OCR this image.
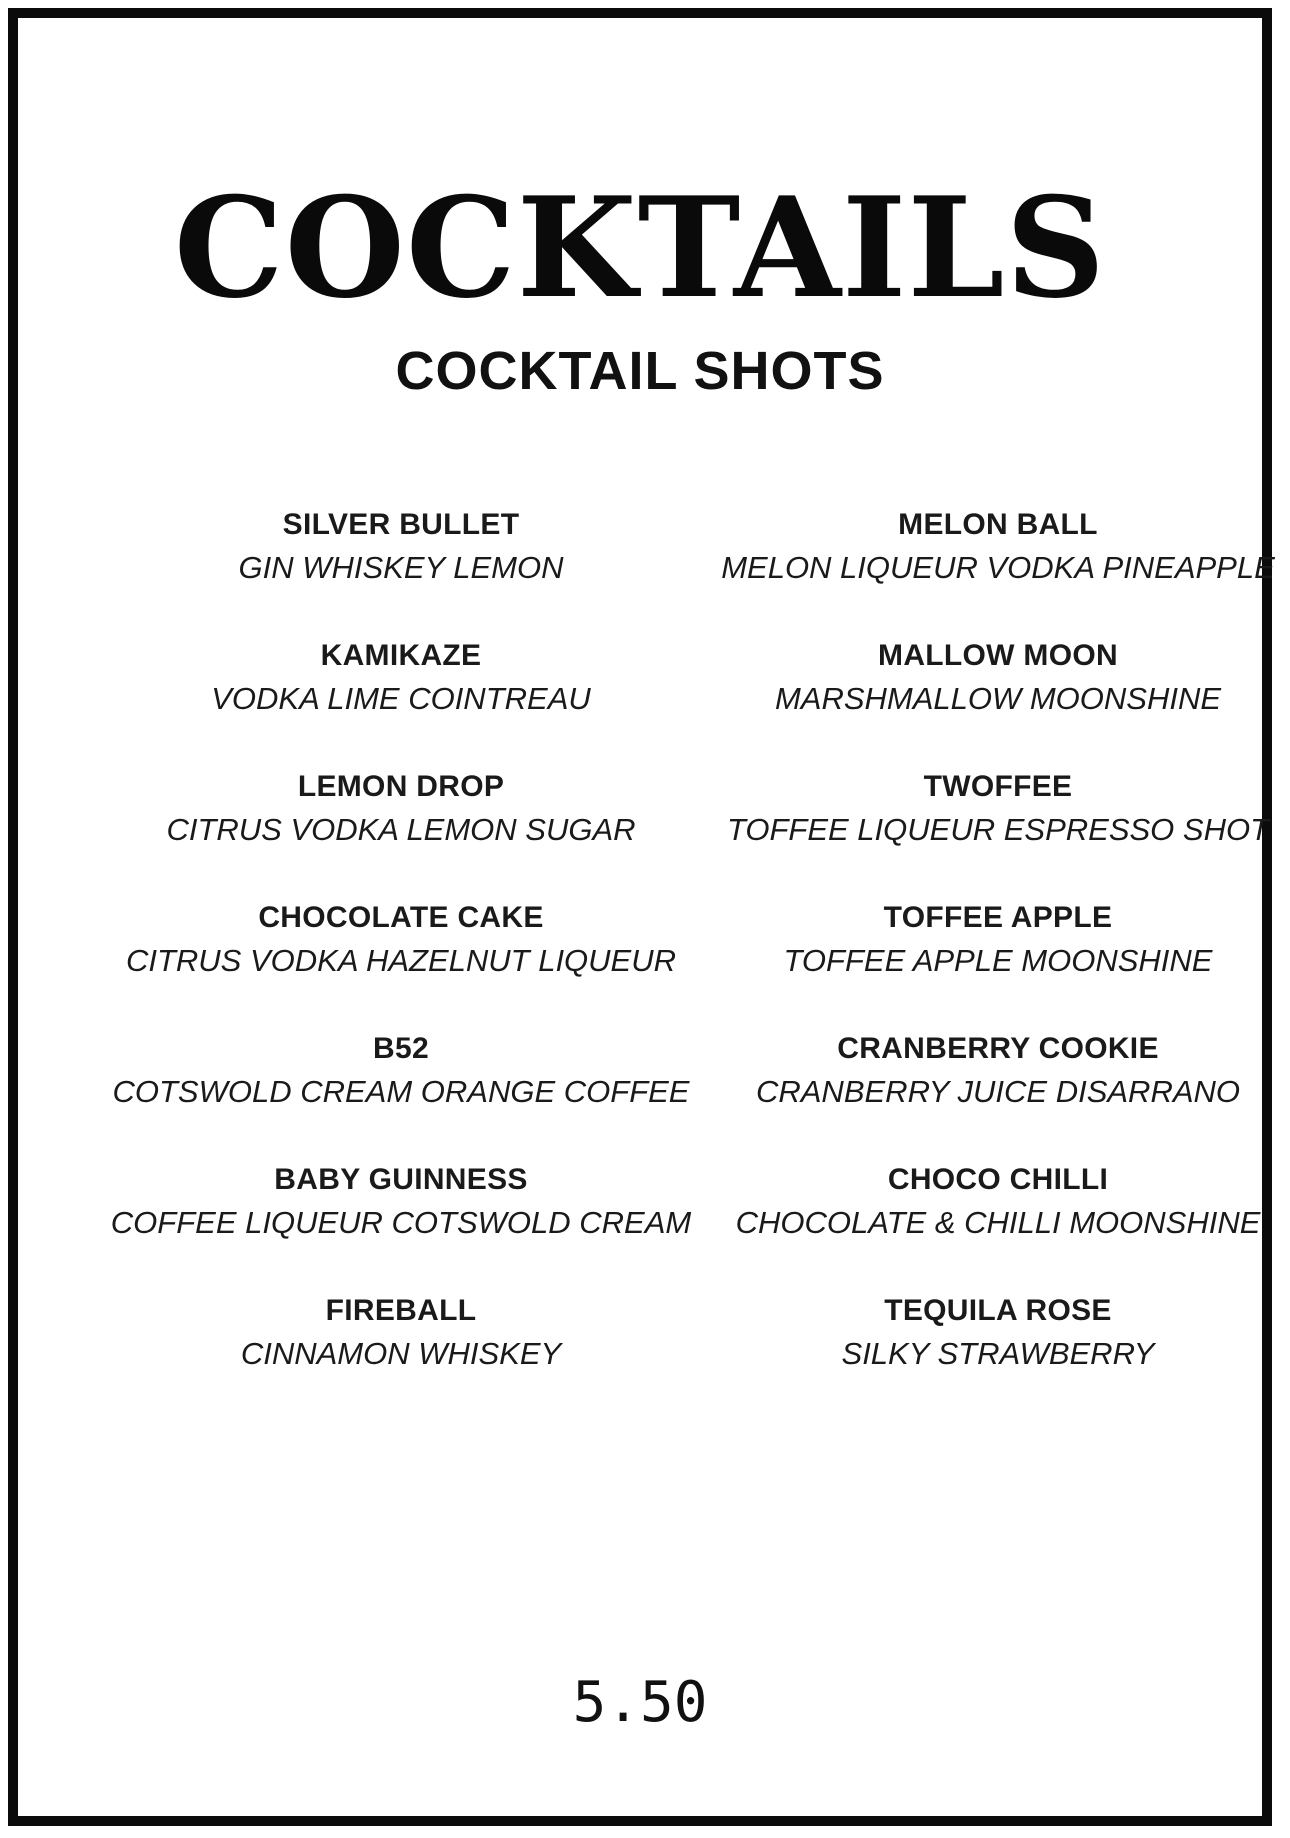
COCKTAILS
COCKTAIL SHOTS
SILVER BULLET
GIN WHISKEY LEMON
KAMIKAZE
VODKA LIME COINTREAU
LEMON DROP
CITRUS VODKA LEMON SUGAR
CHOCOLATE CAKE
CITRUS VODKA HAZELNUT LIQUEUR
B52
COTSWOLD CREAM ORANGE COFFEE
BABY GUINNESS
COFFEE LIQUEUR COTSWOLD CREAM
FIREBALL
CINNAMON WHISKEY
MELON BALL
MELON LIQUEUR VODKA PINEAPPLE
MALLOW MOON
MARSHMALLOW MOONSHINE
TWOFFEE
TOFFEE LIQUEUR ESPRESSO SHOT
TOFFEE APPLE
TOFFEE APPLE MOONSHINE
CRANBERRY COOKIE
CRANBERRY JUICE DISARRANO
CHOCO CHILLI
CHOCOLATE & CHILLI MOONSHINE
TEQUILA ROSE
SILKY STRAWBERRY
5.50
